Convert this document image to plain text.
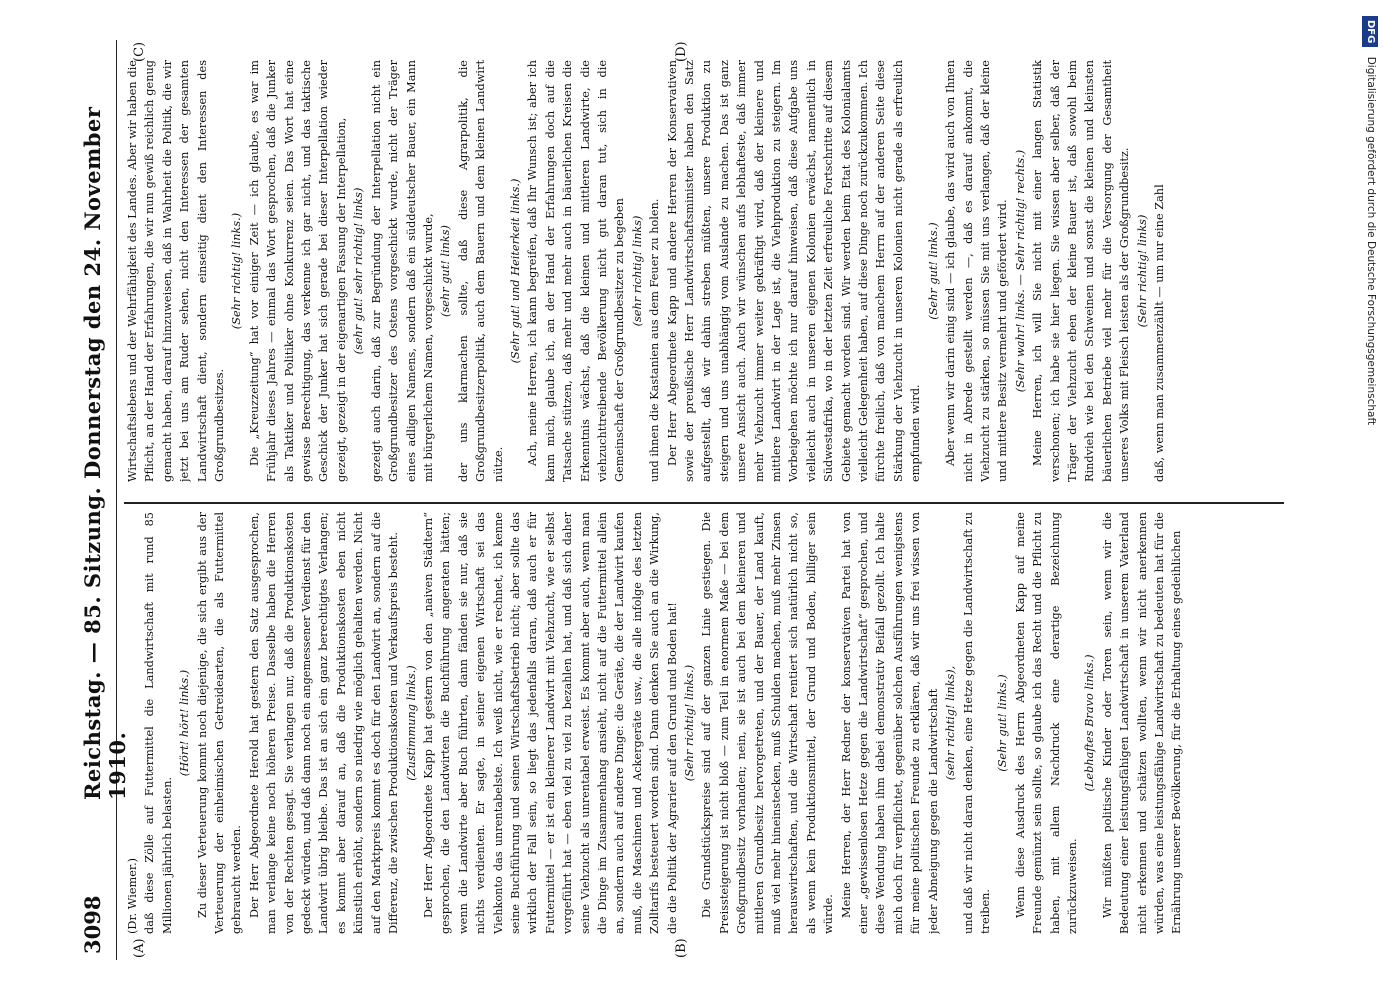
3098
Reichstag. — 85. Sitzung. Donnerstag den 24. November 1910.
(A)	(B)
(C)	(D)

(Dr. Wiemer.) daß diese Zölle auf Futtermittel die Landwirtschaft mit rund 85 Millionen jährlich belasten.

(Hört! hört! links.) Zu dieser Verteuerung kommt noch diejenige, die sich ergibt aus der Verteuerung der einheimischen Getreidearten, die als Futtermittel gebraucht werden. Der Herr Abgeordnete Herold hat gestern den Satz ausgesprochen, man verlange keine noch höheren Preise. Dasselbe haben die Herren von der Rechten gesagt. Sie verlangen nur, daß die Produktionskosten gedeckt würden, und daß dann noch ein angemessener Verdienst für den Landwirt übrig bleibe. Das ist an sich ein ganz berechtigtes Verlangen; es kommt aber darauf an, daß die Produktionskosten eben nicht künstlich erhöht, sondern so niedrig wie möglich gehalten werden. Nicht auf den Marktpreis kommt es doch für den Landwirt an, sondern auf die Differenz, die zwischen Produktionskosten und Verkaufspreis besteht. (Zustimmung links.) Der Herr Abgeordnete Kapp hat gestern von den „naiven Städtern“ gesprochen, die den Landwirten die Buchführung angeraten hätten; wenn die Landwirte aber Buch führten, dann fänden sie nur, daß sie nichts verdienten. Er sagte, in seiner eigenen Wirtschaft sei das Viehkonto das unrentabelste. Ich weiß nicht, wie er rechnet, ich kenne seine Buchführung und seinen Wirtschaftsbetrieb nicht; aber sollte das wirklich der Fall sein, so liegt das jedenfalls daran, daß auch er für Futtermittel — er ist ein kleinerer Landwirt mit Viehzucht, wie er selbst vorgeführt hat — eben viel zu viel zu bezahlen hat, und daß sich daher seine Viehzucht als unrentabel erweist. Es kommt aber auch, wenn man die Dinge im Zusammenhang ansieht, nicht auf die Futtermittel allein an, sondern auch auf andere Dinge: die Geräte, die der Landwirt kaufen muß, die Maschinen und Ackergeräte usw., die alle infolge des letzten Zolltarifs besteuert worden sind. Dann denken Sie auch an die Wirkung, die die Politik der Agrarier auf den Grund und Boden hat! (Sehr richtig! links.) Die Grundstückspreise sind auf der ganzen Linie gestiegen. Die Preissteigerung ist nicht bloß — zum Teil in enormem Maße — bei dem Großgrundbesitz vorhanden; nein, sie ist auch bei dem kleineren und mittleren Grundbesitz hervorgetreten, und der Bauer, der Land kauft, muß viel mehr hineinstecken, muß Schulden machen, muß mehr Zinsen herauswirtschaften, und die Wirtschaft rentiert sich natürlich nicht so, als wenn kein Produktionsmittel, der Grund und Boden, billiger sein würde. Meine Herren, der Herr Redner der konservativen Partei hat von einer „gewissenlosen Hetze gegen die Landwirtschaft“ gesprochen, und diese Wendung haben ihm dabei demonstrativ Beifall gezollt. Ich halte mich doch für verpflichtet, gegenüber solchen Ausführungen wenigstens für meine politischen Freunde zu erklären, daß wir uns frei wissen von jeder Abneigung gegen die Landwirtschaft (sehr richtig! links), und daß wir nicht daran denken, eine Hetze gegen die Landwirtschaft zu treiben.

(Sehr gut! links.) Wenn diese Ausdruck des Herrn Abgeordneten Kapp auf meine Freunde gemünzt sein sollte, so glaube ich das Recht und die Pflicht zu haben, mit allem Nachdruck eine derartige Bezeichnung zurückzuweisen.

(Lebhaftes Bravo links.) Wir müßten politische Kinder oder Toren sein, wenn wir die Bedeutung einer leistungsfähigen Landwirtschaft in unserem Vaterland nicht erkennen und schätzen wollten, wenn wir nicht anerkennen würden, was eine leistungsfähige Landwirtschaft zu bedeuten hat für die Ernährung unserer Bevölkerung, für die Erhaltung eines gedeihlichen

Wirtschaftslebens und der Wehrfähigkeit des Landes. Aber wir haben die Pflicht, an der Hand der Erfahrungen, die wir nun gewiß reichlich genug gemacht haben, darauf hinzuweisen, daß in Wahrheit die Politik, die wir jetzt bei uns am Ruder sehen, nicht den Interessen der gesamten Landwirtschaft dient, sondern einseitig dient den Interessen des Großgrundbesitzes.

(Sehr richtig! links.) Die „Kreuzzeitung“ hat vor einiger Zeit — ich glaube, es war im Frühjahr dieses Jahres — einmal das Wort gesprochen, daß die Junker als Taktiker und Politiker ohne Konkurrenz seien. Das Wort hat eine gewisse Berechtigung, das verkenne ich gar nicht, und das taktische Geschick der Junker hat sich gerade bei dieser Interpellation wieder gezeigt, gezeigt in der eigenartigen Fassung der Interpellation, (sehr gut! sehr richtig! links) gezeigt auch darin, daß zur Begründung der Interpellation nicht ein Großgrundbesitzer des Ostens vorgeschickt wurde, nicht der Träger eines adligen Namens, sondern daß ein süddeutscher Bauer, ein Mann mit bürgerlichem Namen, vorgeschickt wurde, (sehr gut! links) der uns klarmachen sollte, daß diese Agrarpolitik, die Großgrundbesitzerpolitik, auch dem Bauern und dem kleinen Landwirt nütze.

(Sehr gut! und Heiterkeit links.) Ach, meine Herren, ich kann begreifen, daß Ihr Wunsch ist; aber ich kann mich, glaube ich, an der Hand der Erfahrungen doch auf die Tatsache stützen, daß mehr und mehr auch in bäuerlichen Kreisen die Erkenntnis wächst, daß die kleinen und mittleren Landwirte, die viehzuchttreibende Bevölkerung nicht gut daran tut, sich in die Gemeinschaft der Großgrundbesitzer zu begeben (sehr richtig! links) und ihnen die Kastanien aus dem Feuer zu holen. Der Herr Abgeordnete Kapp und andere Herren der Konservativen sowie der preußische Herr Landwirtschaftsminister haben den Satz aufgestellt, daß wir dahin streben müßten, unsere Produktion zu steigern und uns unabhängig vom Auslande zu machen. Das ist ganz unsere Ansicht auch. Auch wir wünschen aufs lebhafteste, daß immer mehr Viehzucht immer weiter gekräftigt wird, daß der kleinere und mittlere Landwirt in der Lage ist, die Viehproduktion zu steigern. Im Vorbeigehen möchte ich nur darauf hinweisen, daß diese Aufgabe uns vielleicht auch in unseren eigenen Kolonien erwächst, namentlich in Südwestafrika, wo in der letzten Zeit erfreuliche Fortschritte auf diesem Gebiete gemacht worden sind. Wir werden beim Etat des Kolonialamts vielleicht Gelegenheit haben, auf diese Dinge noch zurückzukommen. Ich fürchte freilich, daß von manchem Herrn auf der anderen Seite diese Stärkung der Viehzucht in unseren Kolonien nicht gerade als erfreulich empfunden wird.

(Sehr gut! links.) Aber wenn wir darin einig sind — ich glaube, das wird auch von Ihnen nicht in Abrede gestellt werden —, daß es darauf ankommt, die Viehzucht zu stärken, so müssen Sie mit uns verlangen, daß der kleine und mittlere Besitz vermehrt und gefördert wird. (Sehr wahr! links. — Sehr richtig! rechts.) Meine Herren, ich will Sie nicht mit einer langen Statistik verschonen; ich habe sie hier liegen. Sie wissen aber selber, daß der Träger der Viehzucht eben der kleine Bauer ist, daß sowohl beim Rindvieh wie bei den Schweinen und sonst die kleinen und kleinsten bäuerlichen Betriebe viel mehr für die Versorgung der Gesamtheit unseres Volks mit Fleisch leisten als der Großgrundbesitz. (Sehr richtig! links) daß, wenn man zusammenzählt — um nur eine Zahl

DFG Digitalisierung gefördert durch die Deutsche Forschungsgemeinschaft
